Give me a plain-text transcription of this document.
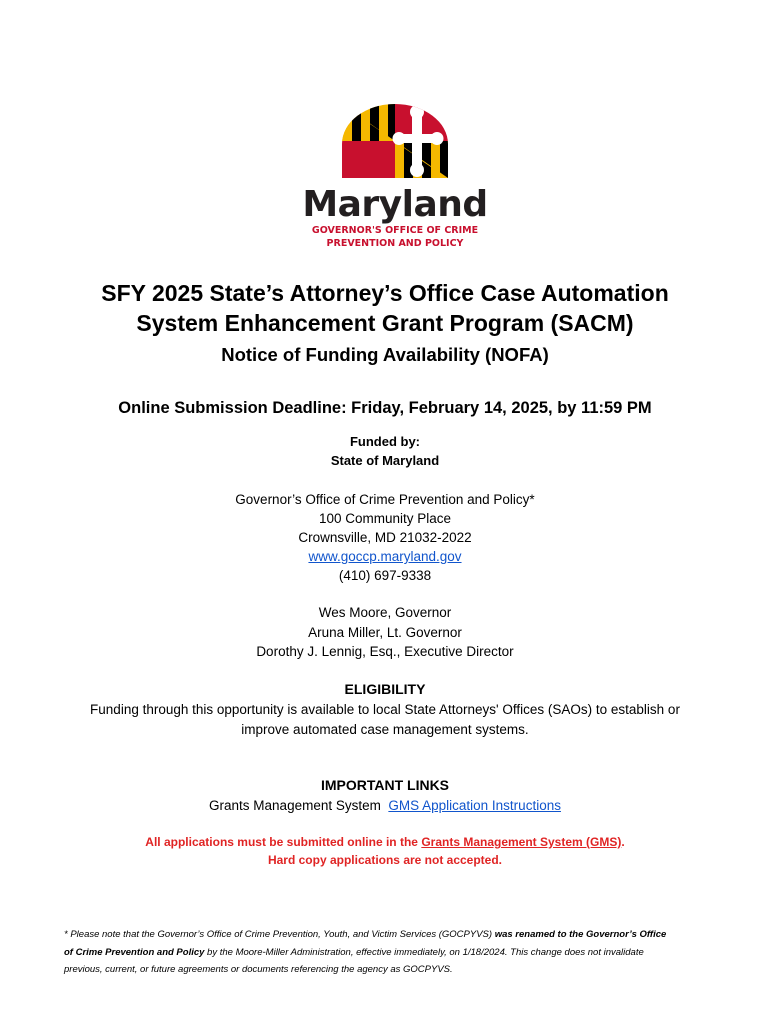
Maryland
GOVERNOR'S OFFICE OF CRIME
PREVENTION AND POLICY
SFY 2025 State’s Attorney’s Office Case Automation
System Enhancement Grant Program (SACM)
Notice of Funding Availability (NOFA)
Online Submission Deadline: Friday, February 14, 2025, by 11:59 PM
Funded by:
State of Maryland
Governor’s Office of Crime Prevention and Policy*
100 Community Place
Crownsville, MD 21032-2022
www.goccp.maryland.gov
(410) 697-9338
Wes Moore, Governor
Aruna Miller, Lt. Governor
Dorothy J. Lennig, Esq., Executive Director
ELIGIBILITY
Funding through this opportunity is available to local State Attorneys' Offices (SAOs) to establish or
improve automated case management systems.
IMPORTANT LINKS
Grants Management System GMS Application Instructions
All applications must be submitted online in the Grants Management System (GMS).
Hard copy applications are not accepted.
* Please note that the Governor’s Office of Crime Prevention, Youth, and Victim Services (GOCPYVS) was renamed to the Governor’s Office
of Crime Prevention and Policy by the Moore-Miller Administration, effective immediately, on 1/18/2024. This change does not invalidate
previous, current, or future agreements or documents referencing the agency as GOCPYVS.
